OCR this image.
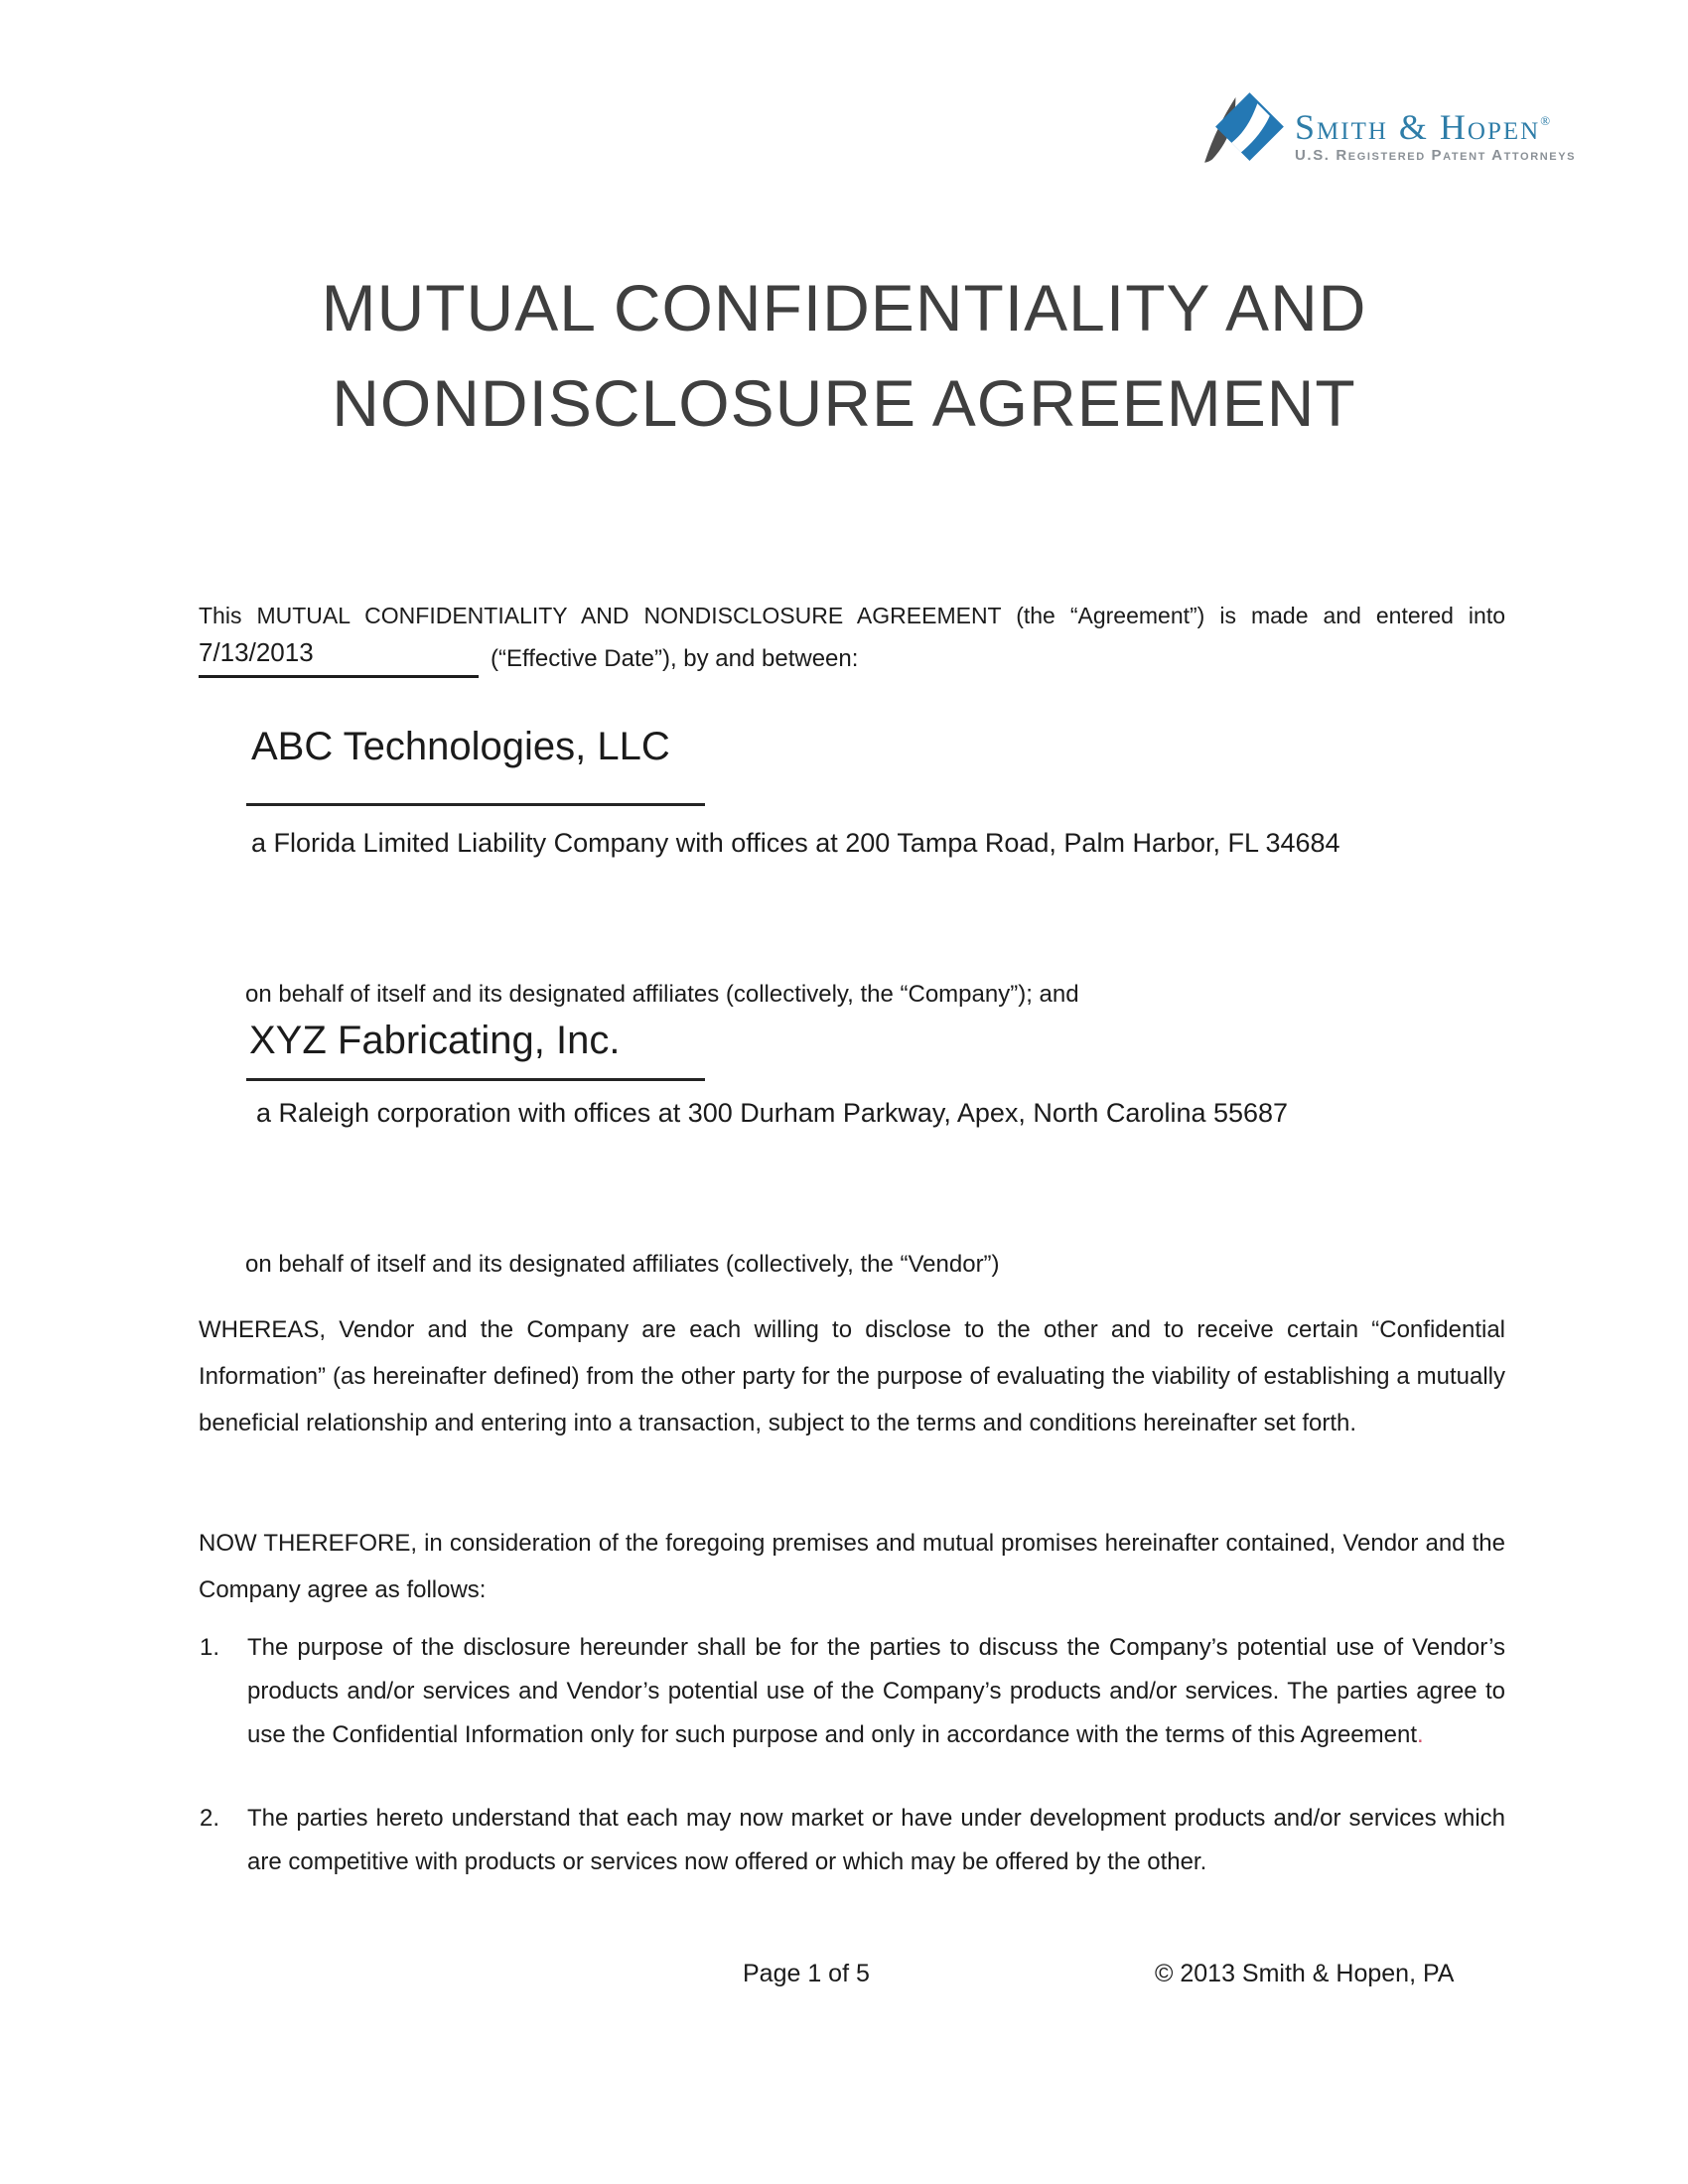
Smith & Hopen®
U.S. Registered Patent Attorneys
MUTUAL CONFIDENTIALITY AND
NONDISCLOSURE AGREEMENT
This MUTUAL CONFIDENTIALITY AND NONDISCLOSURE AGREEMENT (the “Agreement”) is made and entered into
7/13/2013	(“Effective Date”), by and between:
ABC Technologies, LLC
a Florida Limited Liability Company with offices at 200 Tampa Road, Palm Harbor, FL 34684
on behalf of itself and its designated affiliates (collectively, the “Company”); and
XYZ Fabricating, Inc.
a Raleigh corporation with offices at 300 Durham Parkway, Apex, North Carolina 55687
on behalf of itself and its designated affiliates (collectively, the “Vendor”)
WHEREAS, Vendor and the Company are each willing to disclose to the other and to receive certain “Confidential Information” (as hereinafter defined) from the other party for the purpose of evaluating the viability of establishing a mutually beneficial relationship and entering into a transaction, subject to the terms and conditions hereinafter set forth.
NOW THEREFORE, in consideration of the foregoing premises and mutual promises hereinafter contained, Vendor and the Company agree as follows:
1. The purpose of the disclosure hereunder shall be for the parties to discuss the Company’s potential use of Vendor’s products and/or services and Vendor’s potential use of the Company’s products and/or services. The parties agree to use the Confidential Information only for such purpose and only in accordance with the terms of this Agreement.
2. The parties hereto understand that each may now market or have under development products and/or services which are competitive with products or services now offered or which may be offered by the other.
Page 1 of 5	© 2013 Smith & Hopen, PA
